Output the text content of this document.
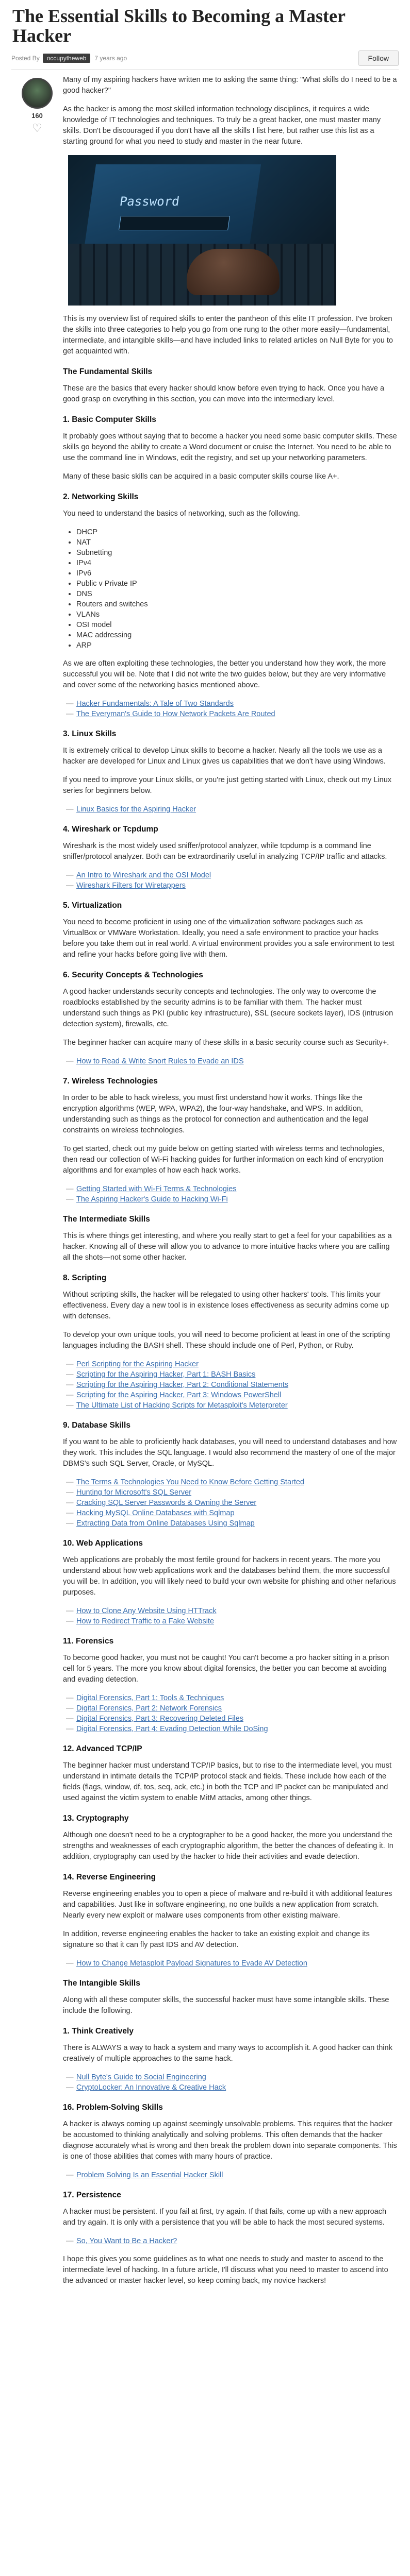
The Essential Skills to Becoming a Master Hacker
Posted By	occupytheweb	7 years ago	Follow
160
♡

Many of my aspiring hackers have written me to asking the same thing: "What skills do I need to be a good hacker?"

As the hacker is among the most skilled information technology disciplines, it requires a wide knowledge of IT technologies and techniques. To truly be a great hacker, one must master many skills. Don't be discouraged if you don't have all the skills I list here, but rather use this list as a starting ground for what you need to study and master in the near future.

Password

This is my overview list of required skills to enter the pantheon of this elite IT profession. I've broken the skills into three categories to help you go from one rung to the other more easily—fundamental, intermediate, and intangible skills—and have included links to related articles on Null Byte for you to get acquainted with.

The Fundamental Skills

These are the basics that every hacker should know before even trying to hack. Once you have a good grasp on everything in this section, you can move into the intermediary level.

1. Basic Computer Skills

It probably goes without saying that to become a hacker you need some basic computer skills. These skills go beyond the ability to create a Word document or cruise the Internet. You need to be able to use the command line in Windows, edit the registry, and set up your networking parameters.

Many of these basic skills can be acquired in a basic computer skills course like A+.

2. Networking Skills

You need to understand the basics of networking, such as the following.

• DHCP
• NAT
• Subnetting
• IPv4
• IPv6
• Public v Private IP
• DNS
• Routers and switches
• VLANs
• OSI model
• MAC addressing
• ARP

As we are often exploiting these technologies, the better you understand how they work, the more successful you will be. Note that I did not write the two guides below, but they are very informative and cover some of the networking basics mentioned above.

— Hacker Fundamentals: A Tale of Two Standards
— The Everyman's Guide to How Network Packets Are Routed
3. Linux Skills

It is extremely critical to develop Linux skills to become a hacker. Nearly all the tools we use as a hacker are developed for Linux and Linux gives us capabilities that we don't have using Windows.

If you need to improve your Linux skills, or you're just getting started with Linux, check out my Linux series for beginners below.

— Linux Basics for the Aspiring Hacker
4. Wireshark or Tcpdump

Wireshark is the most widely used sniffer/protocol analyzer, while tcpdump is a command line sniffer/protocol analyzer. Both can be extraordinarily useful in analyzing TCP/IP traffic and attacks.

— An Intro to Wireshark and the OSI Model
— Wireshark Filters for Wiretappers
5. Virtualization

You need to become proficient in using one of the virtualization software packages such as VirtualBox or VMWare Workstation. Ideally, you need a safe environment to practice your hacks before you take them out in real world. A virtual environment provides you a safe environment to test and refine your hacks before going live with them.

6. Security Concepts & Technologies

A good hacker understands security concepts and technologies. The only way to overcome the roadblocks established by the security admins is to be familiar with them. The hacker must understand such things as PKI (public key infrastructure), SSL (secure sockets layer), IDS (intrusion detection system), firewalls, etc.

The beginner hacker can acquire many of these skills in a basic security course such as Security+.

— How to Read & Write Snort Rules to Evade an IDS
7. Wireless Technologies

In order to be able to hack wireless, you must first understand how it works. Things like the encryption algorithms (WEP, WPA, WPA2), the four-way handshake, and WPS. In addition, understanding such as things as the protocol for connection and authentication and the legal constraints on wireless technologies.

To get started, check out my guide below on getting started with wireless terms and technologies, then read our collection of Wi-Fi hacking guides for further information on each kind of encryption algorithms and for examples of how each hack works.

— Getting Started with Wi-Fi Terms & Technologies
— The Aspiring Hacker's Guide to Hacking Wi-Fi
The Intermediate Skills

This is where things get interesting, and where you really start to get a feel for your capabilities as a hacker. Knowing all of these will allow you to advance to more intuitive hacks where you are calling all the shots—not some other hacker.

8. Scripting

Without scripting skills, the hacker will be relegated to using other hackers' tools. This limits your effectiveness. Every day a new tool is in existence loses effectiveness as security admins come up with defenses.

To develop your own unique tools, you will need to become proficient at least in one of the scripting languages including the BASH shell. These should include one of Perl, Python, or Ruby.

— Perl Scripting for the Aspiring Hacker
— Scripting for the Aspiring Hacker, Part 1: BASH Basics
— Scripting for the Aspiring Hacker, Part 2: Conditional Statements
— Scripting for the Aspiring Hacker, Part 3: Windows PowerShell
— The Ultimate List of Hacking Scripts for Metasploit's Meterpreter
9. Database Skills

If you want to be able to proficiently hack databases, you will need to understand databases and how they work. This includes the SQL language. I would also recommend the mastery of one of the major DBMS's such SQL Server, Oracle, or MySQL.

— The Terms & Technologies You Need to Know Before Getting Started
— Hunting for Microsoft's SQL Server
— Cracking SQL Server Passwords & Owning the Server
— Hacking MySQL Online Databases with Sqlmap
— Extracting Data from Online Databases Using Sqlmap
10. Web Applications

Web applications are probably the most fertile ground for hackers in recent years. The more you understand about how web applications work and the databases behind them, the more successful you will be. In addition, you will likely need to build your own website for phishing and other nefarious purposes.

— How to Clone Any Website Using HTTrack
— How to Redirect Traffic to a Fake Website
11. Forensics

To become good hacker, you must not be caught! You can't become a pro hacker sitting in a prison cell for 5 years. The more you know about digital forensics, the better you can become at avoiding and evading detection.

— Digital Forensics, Part 1: Tools & Techniques
— Digital Forensics, Part 2: Network Forensics
— Digital Forensics, Part 3: Recovering Deleted Files
— Digital Forensics, Part 4: Evading Detection While DoSing
12. Advanced TCP/IP

The beginner hacker must understand TCP/IP basics, but to rise to the intermediate level, you must understand in intimate details the TCP/IP protocol stack and fields. These include how each of the fields (flags, window, df, tos, seq, ack, etc.) in both the TCP and IP packet can be manipulated and used against the victim system to enable MitM attacks, among other things.

13. Cryptography

Although one doesn't need to be a cryptographer to be a good hacker, the more you understand the strengths and weaknesses of each cryptographic algorithm, the better the chances of defeating it. In addition, cryptography can used by the hacker to hide their activities and evade detection.

14. Reverse Engineering

Reverse engineering enables you to open a piece of malware and re-build it with additional features and capabilities. Just like in software engineering, no one builds a new application from scratch. Nearly every new exploit or malware uses components from other existing malware.

In addition, reverse engineering enables the hacker to take an existing exploit and change its signature so that it can fly past IDS and AV detection.

— How to Change Metasploit Payload Signatures to Evade AV Detection
The Intangible Skills

Along with all these computer skills, the successful hacker must have some intangible skills. These include the following.

1. Think Creatively

There is ALWAYS a way to hack a system and many ways to accomplish it. A good hacker can think creatively of multiple approaches to the same hack.

— Null Byte's Guide to Social Engineering
— CryptoLocker: An Innovative & Creative Hack
16. Problem-Solving Skills

A hacker is always coming up against seemingly unsolvable problems. This requires that the hacker be accustomed to thinking analytically and solving problems. This often demands that the hacker diagnose accurately what is wrong and then break the problem down into separate components. This is one of those abilities that comes with many hours of practice.

— Problem Solving Is an Essential Hacker Skill
17. Persistence

A hacker must be persistent. If you fail at first, try again. If that fails, come up with a new approach and try again. It is only with a persistence that you will be able to hack the most secured systems.

— So, You Want to Be a Hacker?

I hope this gives you some guidelines as to what one needs to study and master to ascend to the intermediate level of hacking. In a future article, I'll discuss what you need to master to ascend into the advanced or master hacker level, so keep coming back, my novice hackers!
